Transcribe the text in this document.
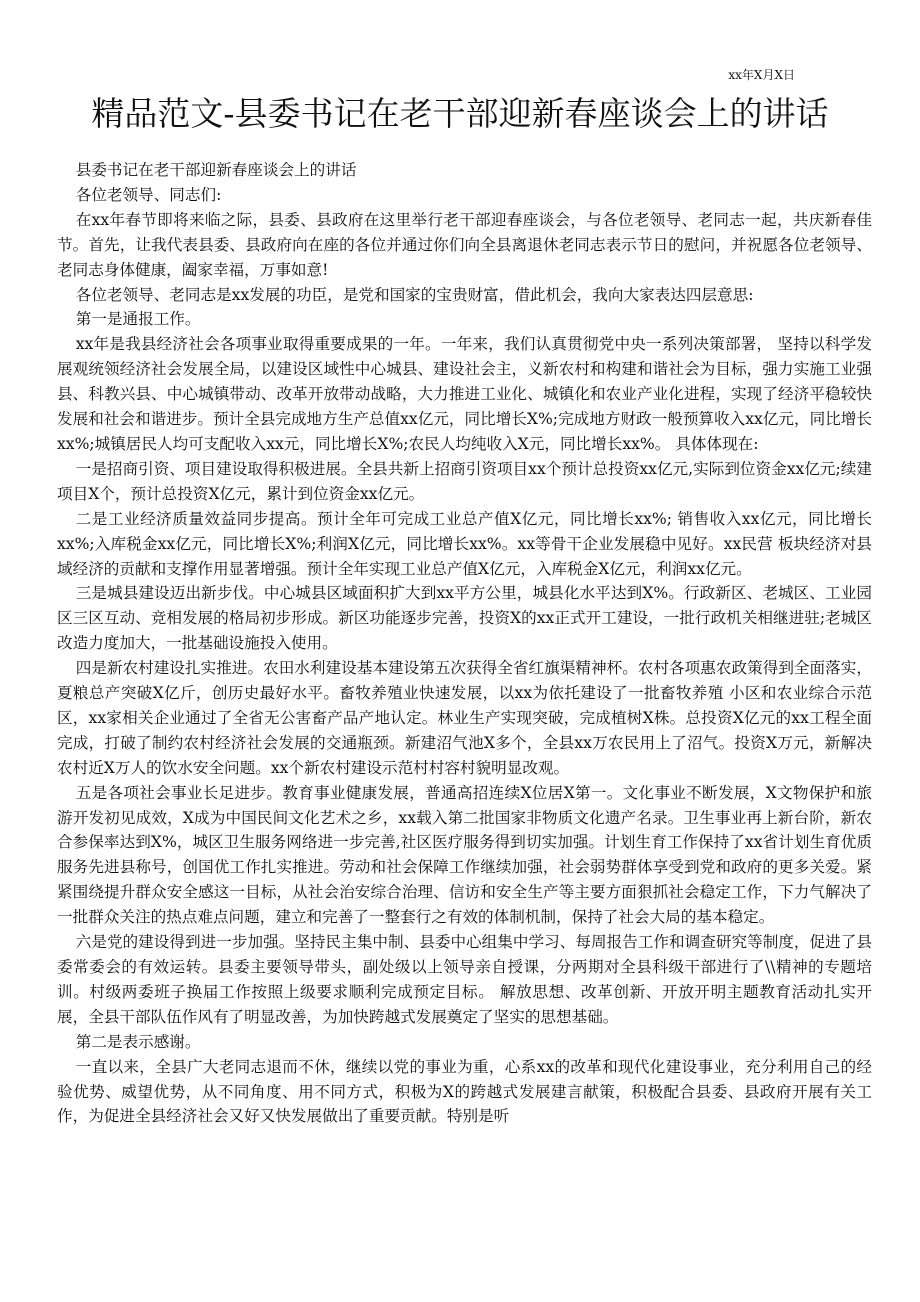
xx年X月X日
精品范文-县委书记在老干部迎新春座谈会上的讲话

县委书记在老干部迎新春座谈会上的讲话

各位老领导、同志们:

在xx年春节即将来临之际，县委、县政府在这里举行老干部迎春座谈会，与各位老领导、老同志一起，共庆新春佳节。首先，让我代表县委、县政府向在座的各位并通过你们向全县离退休老同志表示节日的慰问，并祝愿各位老领导、老同志身体健康，阖家幸福，万事如意!

各位老领导、老同志是xx发展的功臣，是党和国家的宝贵财富，借此机会，我向大家表达四层意思:

第一是通报工作。

xx年是我县经济社会各项事业取得重要成果的一年。一年来，我们认真贯彻党中央一系列决策部署， 坚持以科学发展观统领经济社会发展全局，以建设区域性中心城县、建设社会主，义新农村和构建和谐社会为目标，强力实施工业强县、科教兴县、中心城镇带动、改革开放带动战略，大力推进工业化、城镇化和农业产业化进程，实现了经济平稳较快发展和社会和谐进步。预计全县完成地方生产总值xx亿元，同比增长X%;完成地方财政一般预算收入xx亿元，同比增长xx%;城镇居民人均可支配收入xx元，同比增长X%;农民人均纯收入X元，同比增长xx%。 具体体现在:

一是招商引资、项目建设取得积极进展。全县共新上招商引资项目xx个预计总投资xx亿元,实际到位资金xx亿元;续建项目X个，预计总投资X亿元，累计到位资金xx亿元。

二是工业经济质量效益同步提高。预计全年可完成工业总产值X亿元，同比增长xx%; 销售收入xx亿元，同比增长xx%;入库税金xx亿元，同比增长X%;利润X亿元，同比增长xx%。xx等骨干企业发展稳中见好。xx民营 板块经济对县域经济的贡献和支撑作用显著增强。预计全年实现工业总产值X亿元，入库税金X亿元，利润xx亿元。

三是城县建设迈出新步伐。中心城县区域面积扩大到xx平方公里，城县化水平达到X%。行政新区、老城区、工业园区三区互动、竞相发展的格局初步形成。新区功能逐步完善，投资X的xx正式开工建设，一批行政机关相继进驻;老城区改造力度加大，一批基础设施投入使用。

四是新农村建设扎实推进。农田水利建设基本建设第五次获得全省红旗渠精神杯。农村各项惠农政策得到全面落实，夏粮总产突破X亿斤，创历史最好水平。畜牧养殖业快速发展，以xx为依托建设了一批畜牧养殖 小区和农业综合示范区，xx家相关企业通过了全省无公害畜产品产地认定。林业生产实现突破，完成植树X株。总投资X亿元的xx工程全面完成，打破了制约农村经济社会发展的交通瓶颈。新建沼气池X多个，全县xx万农民用上了沼气。投资X万元，新解决农村近X万人的饮水安全问题。xx个新农村建设示范村村容村貌明显改观。

五是各项社会事业长足进步。教育事业健康发展，普通高招连续X位居X第一。文化事业不断发展，X文物保护和旅游开发初见成效，X成为中国民间文化艺术之乡，xx载入第二批国家非物质文化遗产名录。卫生事业再上新台阶，新农合参保率达到X%，城区卫生服务网络进一步完善,社区医疗服务得到切实加强。计划生育工作保持了xx省计划生育优质服务先进县称号，创国优工作扎实推进。劳动和社会保障工作继续加强，社会弱势群体享受到党和政府的更多关爱。紧紧围绕提升群众安全感这一目标，从社会治安综合治理、信访和安全生产等主要方面狠抓社会稳定工作，下力气解决了一批群众关注的热点难点问题，建立和完善了一整套行之有效的体制机制，保持了社会大局的基本稳定。

六是党的建设得到进一步加强。坚持民主集中制、县委中心组集中学习、每周报告工作和调查研究等制度，促进了县委常委会的有效运转。县委主要领导带头，副处级以上领导亲自授课，分两期对全县科级干部进行了\\精神的专题培训。村级两委班子换届工作按照上级要求顺利完成预定目标。 解放思想、改革创新、开放开明主题教育活动扎实开展，全县干部队伍作风有了明显改善，为加快跨越式发展奠定了坚实的思想基础。

第二是表示感谢。

一直以来，全县广大老同志退而不休，继续以党的事业为重，心系xx的改革和现代化建设事业，充分利用自己的经验优势、威望优势，从不同角度、用不同方式，积极为X的跨越式发展建言献策，积极配合县委、县政府开展有关工作，为促进全县经济社会又好又快发展做出了重要贡献。特别是听
